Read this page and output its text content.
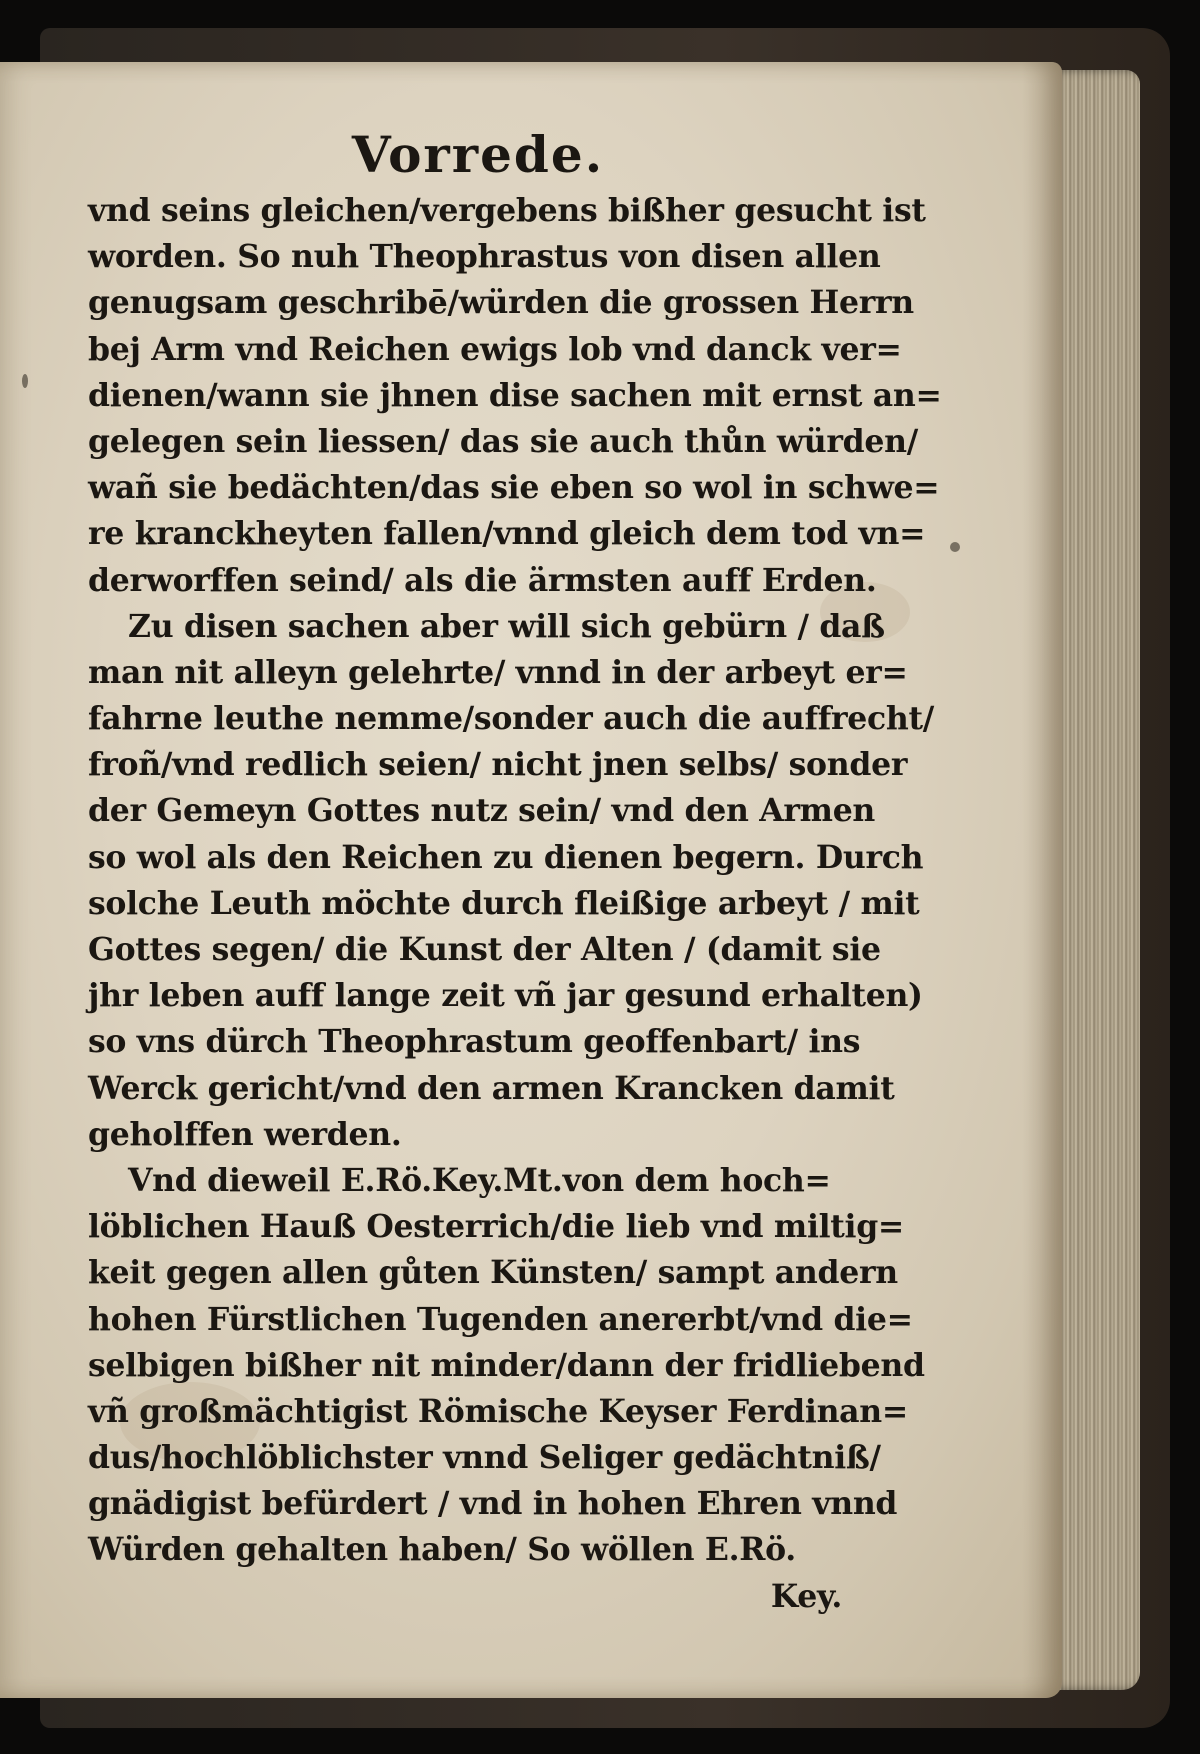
Vorrede.
vnd seins gleichen/vergebens bißher gesucht ist
worden. So nuh Theophrastus von disen allen
genugsam geschribē/würden die grossen Herrn
bej Arm vnd Reichen ewigs lob vnd danck ver=
dienen/wann sie jhnen dise sachen mit ernst an=
gelegen sein liessen/ das sie auch thůn würden/
wañ sie bedächten/das sie eben so wol in schwe=
re kranckheyten fallen/vnnd gleich dem tod vn=
derworffen seind/ als die ärmsten auff Erden.
Zu disen sachen aber will sich gebürn / daß
man nit alleyn gelehrte/ vnnd in der arbeyt er=
fahrne leuthe nemme/sonder auch die auffrecht/
froñ/vnd redlich seien/ nicht jnen selbs/ sonder
der Gemeyn Gottes nutz sein/ vnd den Armen
so wol als den Reichen zu dienen begern. Durch
solche Leuth möchte durch fleißige arbeyt / mit
Gottes segen/ die Kunst der Alten / (damit sie
jhr leben auff lange zeit vñ jar gesund erhalten)
so vns dürch Theophrastum geoffenbart/ ins
Werck gericht/vnd den armen Krancken damit
geholffen werden.
Vnd dieweil E.Rö.Key.Mt.von dem hoch=
löblichen Hauß Oesterrich/die lieb vnd miltig=
keit gegen allen gůten Künsten/ sampt andern
hohen Fürstlichen Tugenden anererbt/vnd die=
selbigen bißher nit minder/dann der fridliebend
vñ großmächtigist Römische Keyser Ferdinan=
dus/hochlöblichster vnnd Seliger gedächtniß/
gnädigist befürdert / vnd in hohen Ehren vnnd
Würden gehalten haben/ So wöllen E.Rö.
Key.
